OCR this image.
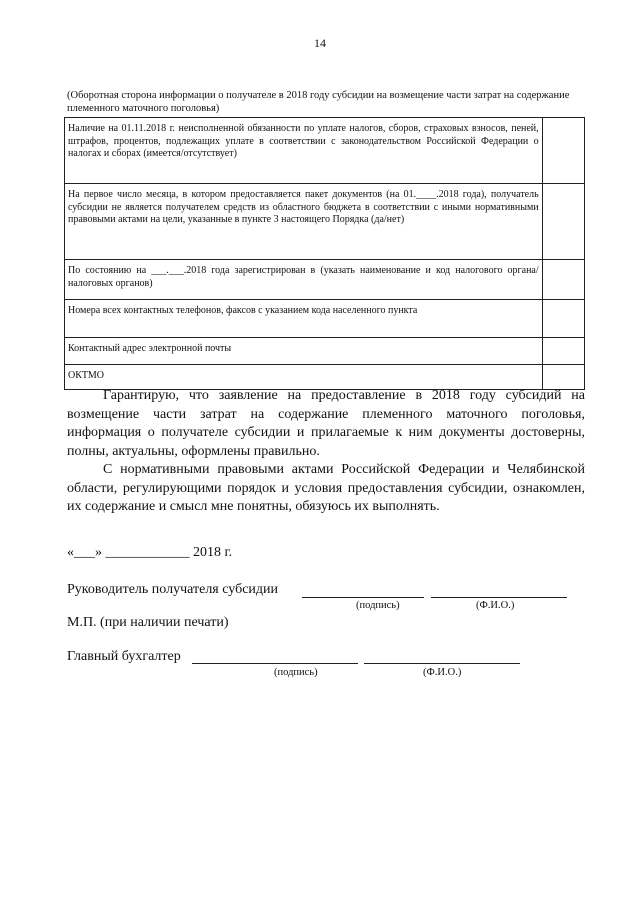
14
(Оборотная сторона информации о получателе в 2018 году субсидии на возмещение части затрат на содержание племенного маточного поголовья)
Наличие на 01.11.2018 г. неисполненной обязанности по уплате налогов, сборов, страховых взносов, пеней, штрафов, процентов, подлежащих уплате в соответствии с законодательством Российской Федерации о налогах и сборах (имеется/отсутствует)	
На первое число месяца, в котором предоставляется пакет документов (на 01.____.2018 года), получатель субсидии не является получателем средств из областного бюджета в соответствии с иными нормативными правовыми актами на цели, указанные в пункте 3 настоящего Порядка (да/нет)	
По состоянию на ___.___.2018 года зарегистрирован в (указать наименование и код налогового органа/налоговых органов)	
Номера всех контактных телефонов, факсов с указанием кода населенного пункта	
Контактный адрес электронной почты	
ОКТМО	
Гарантирую, что заявление на предоставление в 2018 году субсидий на возмещение части затрат на содержание племенного маточного поголовья, информация о получателе субсидии и прилагаемые к ним документы достоверны, полны, актуальны, оформлены правильно.
С нормативными правовыми актами Российской Федерации и Челябинской области, регулирующими порядок и условия предоставления субсидии, ознакомлен, их содержание и смысл мне понятны, обязуюсь их выполнять.
«___» ____________ 2018 г.
Руководитель получателя субсидии
(подпись)	(Ф.И.О.)
М.П. (при наличии печати)
Главный бухгалтер
(подпись)	(Ф.И.О.)
